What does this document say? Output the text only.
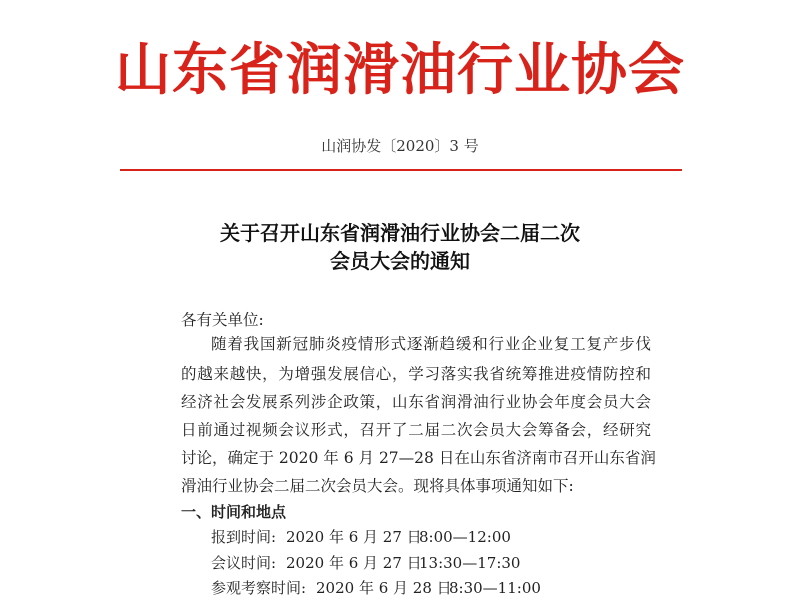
山东省润滑油行业协会
山润协发〔2020〕3 号
关于召开山东省润滑油行业协会二届二次
会员大会的通知
各有关单位:
随着我国新冠肺炎疫情形式逐渐趋缓和行业企业复工复产步伐
的越来越快，为增强发展信心，学习落实我省统筹推进疫情防控和
经济社会发展系列涉企政策，山东省润滑油行业协会年度会员大会
日前通过视频会议形式，召开了二届二次会员大会筹备会，经研究
讨论，确定于 2020 年 6 月 27—28 日在山东省济南市召开山东省润
滑油行业协会二届二次会员大会。现将具体事项通知如下:
一、时间和地点
报到时间: 2020 年 6 月 27 日8:00—12:00
会议时间: 2020 年 6 月 27 日13:30—17:30
参观考察时间: 2020 年 6 月 28 日8:30—11:00
